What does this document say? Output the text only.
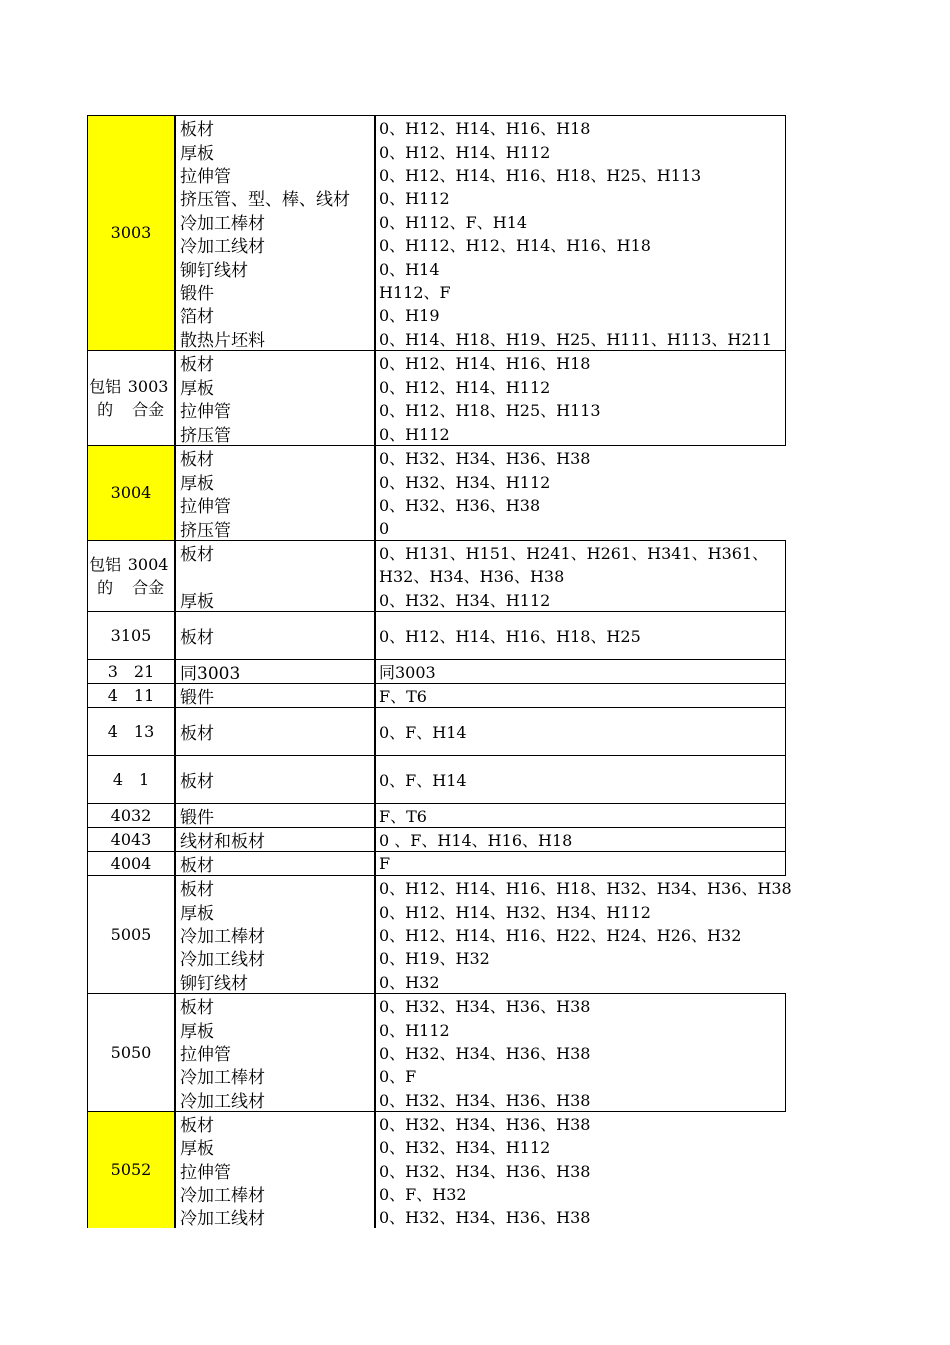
3003
板材	0、H12、H14、H16、H18
厚板	0、H12、H14、H112
拉伸管	0、H12、H14、H16、H18、H25、H113
挤压管、型、棒、线材	0、H112
冷加工棒材	0、H112、F、H14
冷加工线材	0、H112、H12、H14、H16、H18
铆钉线材	0、H14
锻件	H112、F
箔材	0、H19
散热片坯料	0、H14、H18、H19、H25、H111、H113、H211
包铝的

3003合金
板材	0、H12、H14、H16、H18
厚板	0、H12、H14、H112
拉伸管	0、H12、H18、H25、H113
挤压管	0、H112
3004
板材	0、H32、H34、H36、H38
厚板	0、H32、H34、H112
拉伸管	0、H32、H36、H38
挤压管	0
包铝的

3004合金
板材	0、H131、H151、H241、H261、H341、H361、
H32、H34、H36、H38
厚板	0、H32、H34、H112
3105	板材	0、H12、H14、H16、H18、H25
3　21	同3003	同3003
4　11	锻件	F、T6
4　13	板材	0、F、H14
4　1	板材	0、F、H14
4032	锻件	F、T6
4043	线材和板材	0 、F、H14、H16、H18
4004	板材	F
5005
板材	0、H12、H14、H16、H18、H32、H34、H36、H38
厚板	0、H12、H14、H32、H34、H112
冷加工棒材	0、H12、H14、H16、H22、H24、H26、H32
冷加工线材	0、H19、H32
铆钉线材	0、H32
5050
板材	0、H32、H34、H36、H38
厚板	0、H112
拉伸管	0、H32、H34、H36、H38
冷加工棒材	0、F
冷加工线材	0、H32、H34、H36、H38
5052
板材	0、H32、H34、H36、H38
厚板	0、H32、H34、H112
拉伸管	0、H32、H34、H36、H38
冷加工棒材	0、F、H32
冷加工线材	0、H32、H34、H36、H38
